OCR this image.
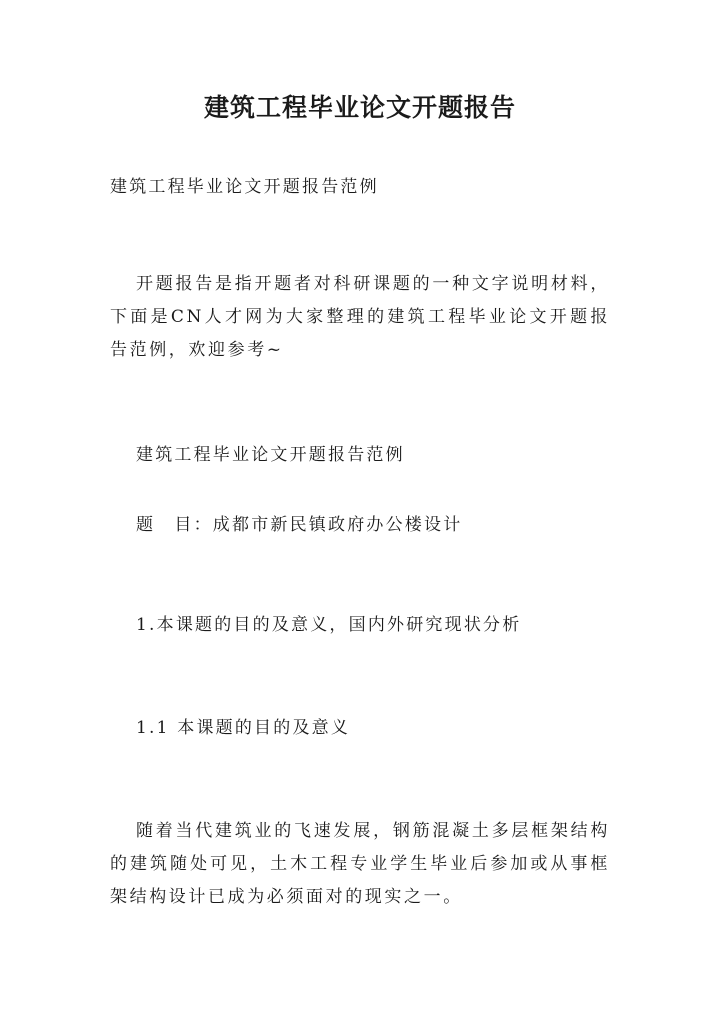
建筑工程毕业论文开题报告
建筑工程毕业论文开题报告范例
开题报告是指开题者对科研课题的一种文字说明材料，下面是CN人才网为大家整理的建筑工程毕业论文开题报告范例，欢迎参考~
建筑工程毕业论文开题报告范例
题　目：成都市新民镇政府办公楼设计
1.本课题的目的及意义，国内外研究现状分析
1.1 本课题的目的及意义
随着当代建筑业的飞速发展，钢筋混凝土多层框架结构的建筑随处可见，土木工程专业学生毕业后参加或从事框架结构设计已成为必须面对的现实之一。
